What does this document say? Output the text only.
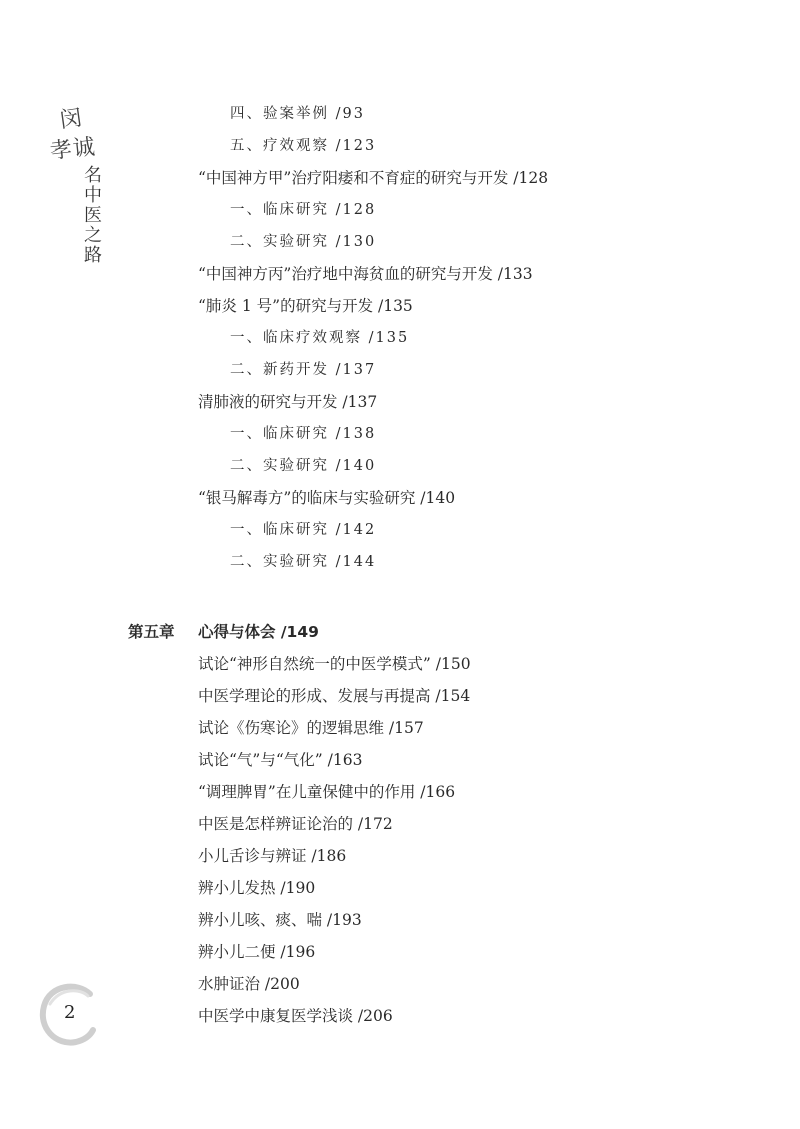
闵
孝诚
名中医之路
四、验案举例 /93
五、疗效观察 /123
“中国神方甲”治疗阳痿和不育症的研究与开发 /128
一、临床研究 /128
二、实验研究 /130
“中国神方丙”治疗地中海贫血的研究与开发 /133
“肺炎 1 号”的研究与开发 /135
一、临床疗效观察 /135
二、新药开发 /137
清肺液的研究与开发 /137
一、临床研究 /138
二、实验研究 /140
“银马解毒方”的临床与实验研究 /140
一、临床研究 /142
二、实验研究 /144
第五章 心得与体会 /149
试论“神形自然统一的中医学模式” /150
中医学理论的形成、发展与再提高 /154
试论《伤寒论》的逻辑思维 /157
试论“气”与“气化” /163
“调理脾胃”在儿童保健中的作用 /166
中医是怎样辨证论治的 /172
小儿舌诊与辨证 /186
辨小儿发热 /190
辨小儿咳、痰、喘 /193
辨小儿二便 /196
水肿证治 /200
中医学中康复医学浅谈 /206
2
